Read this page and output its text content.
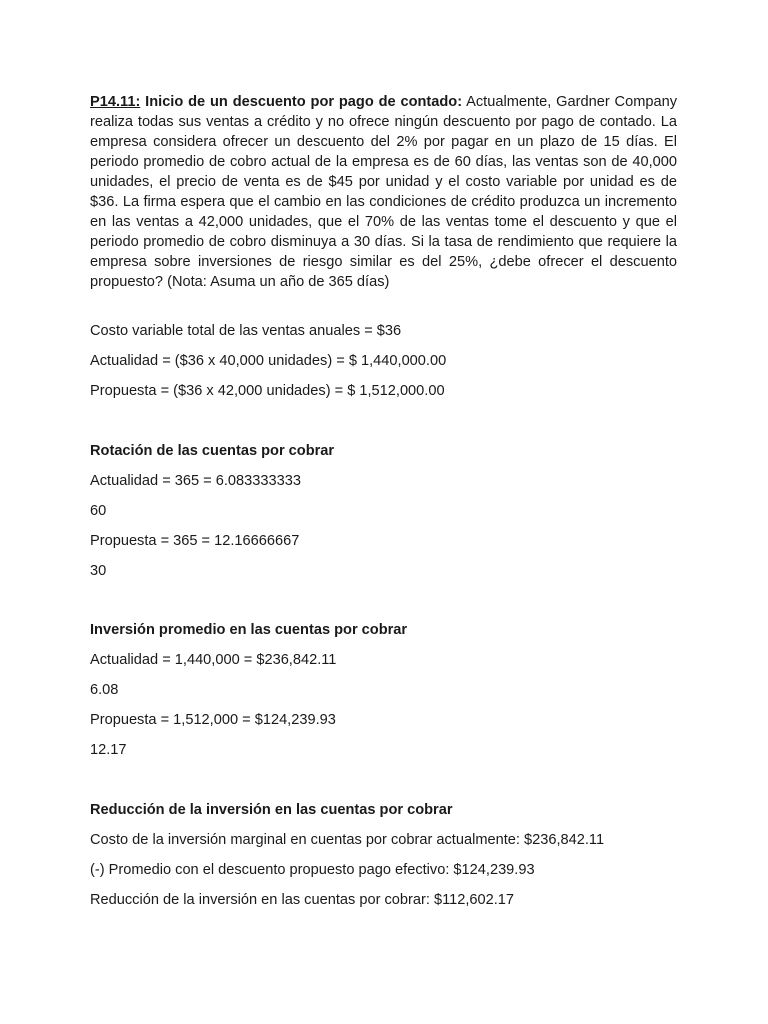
P14.11: Inicio de un descuento por pago de contado: Actualmente, Gardner Company realiza todas sus ventas a crédito y no ofrece ningún descuento por pago de contado. La empresa considera ofrecer un descuento del 2% por pagar en un plazo de 15 días. El periodo promedio de cobro actual de la empresa es de 60 días, las ventas son de 40,000 unidades, el precio de venta es de $45 por unidad y el costo variable por unidad es de $36. La firma espera que el cambio en las condiciones de crédito produzca un incremento en las ventas a 42,000 unidades, que el 70% de las ventas tome el descuento y que el periodo promedio de cobro disminuya a 30 días. Si la tasa de rendimiento que requiere la empresa sobre inversiones de riesgo similar es del 25%, ¿debe ofrecer el descuento propuesto? (Nota: Asuma un año de 365 días)

Costo variable total de las ventas anuales = $36

Actualidad = ($36 x 40,000 unidades) = $ 1,440,000.00

Propuesta = ($36 x 42,000 unidades) = $ 1,512,000.00

Rotación de las cuentas por cobrar

Actualidad = 365 = 6.083333333

60

Propuesta = 365 = 12.16666667

30

Inversión promedio en las cuentas por cobrar

Actualidad = 1,440,000 = $236,842.11

6.08

Propuesta = 1,512,000 = $124,239.93

12.17

Reducción de la inversión en las cuentas por cobrar

Costo de la inversión marginal en cuentas por cobrar actualmente: $236,842.11

(-) Promedio con el descuento propuesto pago efectivo: $124,239.93

Reducción de la inversión en las cuentas por cobrar: $112,602.17
